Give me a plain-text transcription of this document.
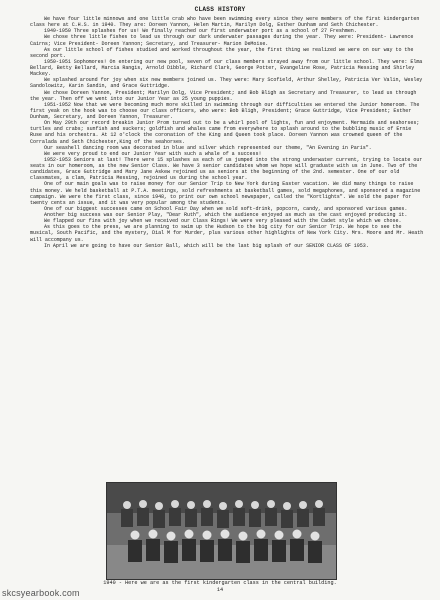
CLASS HISTORY

We have four little minnows and one little crab who have been swimming every since they were members of the first kindergarten class here at C.H.S. in 1940. They are: Doreen Yannon, Helen Martin, Marilyn Dolg, Esther Dunham and Seth Chichester.

1949-1950 Three splashes for us! We finally reached our first underwater port as a school of 27 Freshmen.

We chose three little fishes to lead us through our dark underwater passages during the year. They were: President- Lawrence Cairns; Vice President- Doreen Yannon; Secretary, and Treasurer- Marion DeMoise.

As our little school of fishes studied and worked throughout the year, the first thing we realized we were on our way to the second port.

1950-1951 Sophomores! On entering our new pool, seven of our class members strayed away from our little school. They were: Elma Bellard, Betty Bellard, Marcia Rangis, Arnold Dibble, Richard Clark, George Potter, Evangeline Rose, Patricia Messing and Shirley Mackey.

We splashed around for joy when six new members joined us. They were: Mary Scofield, Arthur Shelley, Patricia Ver Valin, Wesley Sandolowitz, Karin Sandin, and Grace Guttridge.

We chose Doreen Yannon, President; Marilyn Dolg, Vice President; and Bob Bligh as Secretary and Treasurer, to lead us through the year. Then off we went into our Junior Year as 25 young puppies.

1951-1952 Now that we were becoming much more skilled in swimming through our difficulties we entered the Junior homeroom. The first yeak on the hook was to choose our class officers, who were: Bob Bligh, President; Grace Guttridge, Vice President; Esther Dunham, Secretary, and Doreen Yannon, Treasurer.

On May 29th our record breakin Junior Prom turned out to be a whirl pool of lights, fun and enjoyment. Mermaids and seahorses; turtles and crabs; sunfish and suckers; goldfish and whales came from everywhere to splash around to the bubbling music of Ernie Ruse and his orchestra. At 12 o'clock the coronation of the King and Queen took place. Doreen Yannon was crowned queen of the Corralada and Seth Chichester,King of the seahorses.

Our seashell dancing room was decorated in blue and silver which represented our theme, "An Evening in Paris".

We were very proud to end our Junior Year with such a whale of a success!

1952-1953 Seniors at last! There were 15 splashes as each of us jumped into the strong underwater current, trying to locate our seats in our homeroom, as the new Senior Class. We have 3 senior candidates whom we hope will graduate with us in June. Two of the candidates, Grace Guttridge and Mary Jane Askew rejoined us as seniors at the beginning of the 2nd. semester. One of our old classmates, a clam, Patricia Messing, rejoined us during the school year.

One of our main goals was to raise money for our Senior Trip to New York during Easter vacation. We did many things to raise this money. We held basketball at P.T.A. meetings, sold refreshments at basketball games, sold megaphones, and sponsored a magazine campaign. We were the first class, since 1948, to print our own school newspaper, called the "Kortlights". We sold the paper for twenty cents an issue, and it was very popular among the students.

One of our biggest successes came on School Fair Day when we sold soft-drink, popcorn, candy, and sponsored various games.

Another big success was our Senior Play, "Dear Ruth", which the audience enjoyed as much as the cast enjoyed producing it.

We flapped our fins with joy when we received our Class Rings! We were very pleased with the Cadet style which we chose.

As this goes to the press, we are planning to swim up the Hudson to the big city for our Senior Trip. We hope to see the musical, South Pacific, and the mystery, Dial M for Murder, plus various other highlights of New York City. Mrs. Moore and Mr. Heath will accompany us.

In April we are going to have our Senior Ball, which will be the last big splash of our SENIOR CLASS OF 1953.

1940 - Here we are as the first kindergarten class in the central building.
14
skcsyearbook.com
